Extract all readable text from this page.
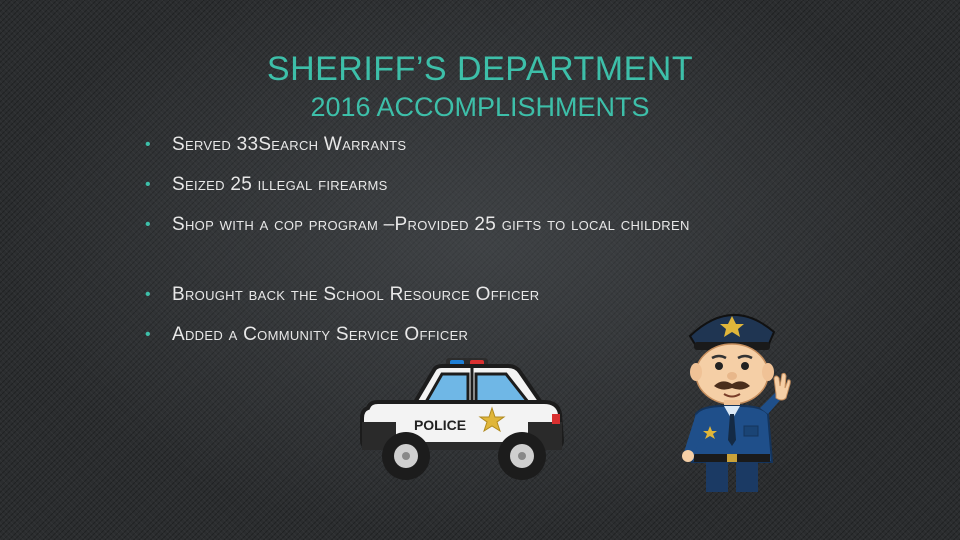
SHERIFF’S DEPARTMENT
2016 ACCOMPLISHMENTS
• Served 33Search Warrants
• Seized 25 illegal firearms
• Shop with a cop program –Provided 25 gifts to local children
• Brought back the School Resource Officer
• Added a Community Service Officer
POLICE
